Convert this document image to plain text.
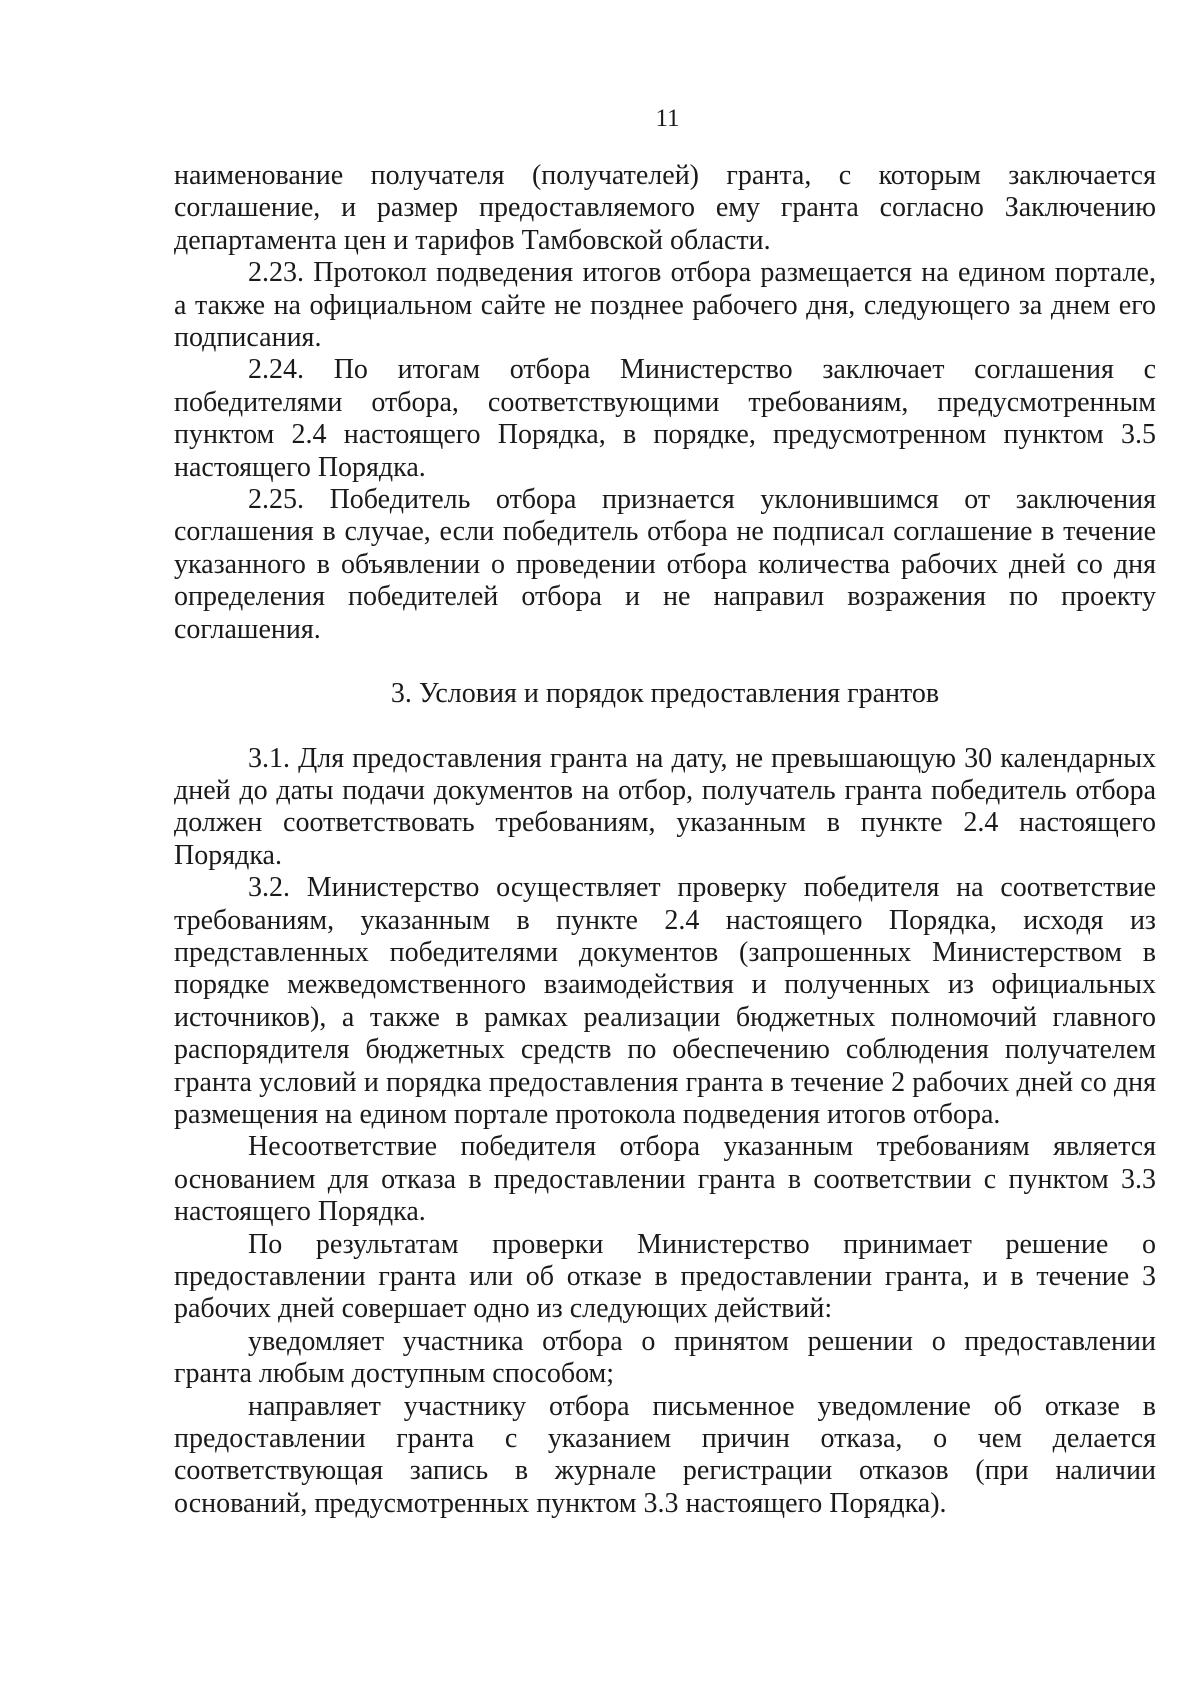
11

наименование получателя (получателей) гранта, с которым заключается соглашение, и размер предоставляемого ему гранта согласно Заключению департамента цен и тарифов Тамбовской области.

2.23. Протокол подведения итогов отбора размещается на едином портале, а также на официальном сайте не позднее рабочего дня, следующего за днем его подписания.

2.24. По итогам отбора Министерство заключает соглашения с победителями отбора, соответствующими требованиям, предусмотренным пунктом 2.4 настоящего Порядка, в порядке, предусмотренном пунктом 3.5 настоящего Порядка.

2.25. Победитель отбора признается уклонившимся от заключения соглашения в случае, если победитель отбора не подписал соглашение в течение указанного в объявлении о проведении отбора количества рабочих дней со дня определения победителей отбора и не направил возражения по проекту соглашения.

3. Условия и порядок предоставления грантов

3.1. Для предоставления гранта на дату, не превышающую 30 календарных дней до даты подачи документов на отбор, получатель гранта победитель отбора должен соответствовать требованиям, указанным в пункте 2.4 настоящего Порядка.

3.2. Министерство осуществляет проверку победителя на соответствие требованиям, указанным в пункте 2.4 настоящего Порядка, исходя из представленных победителями документов (запрошенных Министерством в порядке межведомственного взаимодействия и полученных из официальных источников), а также в рамках реализации бюджетных полномочий главного распорядителя бюджетных средств по обеспечению соблюдения получателем гранта условий и порядка предоставления гранта в течение 2 рабочих дней со дня размещения на едином портале протокола подведения итогов отбора.

Несоответствие победителя отбора указанным требованиям является основанием для отказа в предоставлении гранта в соответствии с пунктом 3.3 настоящего Порядка.

По результатам проверки Министерство принимает решение о предоставлении гранта или об отказе в предоставлении гранта, и в течение 3 рабочих дней совершает одно из следующих действий:

уведомляет участника отбора о принятом решении о предоставлении гранта любым доступным способом;

направляет участнику отбора письменное уведомление об отказе в предоставлении гранта с указанием причин отказа, о чем делается соответствующая запись в журнале регистрации отказов (при наличии оснований, предусмотренных пунктом 3.3 настоящего Порядка).
